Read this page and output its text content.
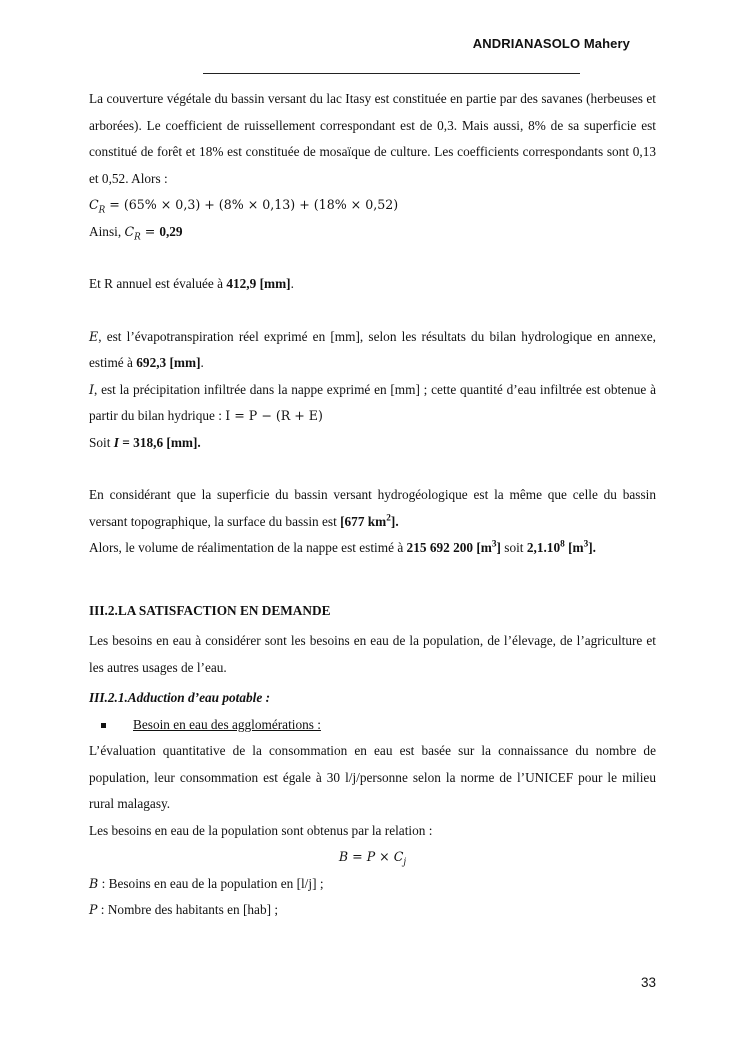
ANDRIANASOLO Mahery

La couverture végétale du bassin versant du lac Itasy est constituée en partie par des savanes (herbeuses et arborées). Le coefficient de ruissellement correspondant est de 0,3. Mais aussi, 8% de sa superficie est constitué de forêt et 18% est constituée de mosaïque de culture. Les coefficients correspondants sont 0,13 et 0,52. Alors :

$C_R = (65\% \times 0,3) + (8\% \times 0,13) + (18\% \times 0,52)$

Ainsi, $C_R = 0,29$

Et R annuel est évaluée à 412,9 [mm].

E, est l’évapotranspiration réel exprimé en [mm], selon les résultats du bilan hydrologique en annexe, estimé à 692,3 [mm].

I, est la précipitation infiltrée dans la nappe exprimé en [mm] ; cette quantité d’eau infiltrée est obtenue à partir du bilan hydrique : I = P − (R + E)

Soit I = 318,6 [mm].

En considérant que la superficie du bassin versant hydrogéologique est la même que celle du bassin versant topographique, la surface du bassin est [677 $km^2$].

Alors, le volume de réalimentation de la nappe est estimé à 215 692 200 $[m^3]$ soit 2,1.10$^8$ $[m^3]$.

III.2.LA SATISFACTION EN DEMANDE

Les besoins en eau à considérer sont les besoins en eau de la population, de l’élevage, de l’agriculture et les autres usages de l’eau.

III.2.1.Adduction d’eau potable :

Besoin en eau des agglomérations :

L’évaluation quantitative de la consommation en eau est basée sur la connaissance du nombre de population, leur consommation est égale à 30 l/j/personne selon la norme de l’UNICEF pour le milieu rural malagasy.

Les besoins en eau de la population sont obtenus par la relation :

$B = P \times C_j$

B : Besoins en eau de la population en [l/j] ;

P : Nombre des habitants en [hab] ;

33
